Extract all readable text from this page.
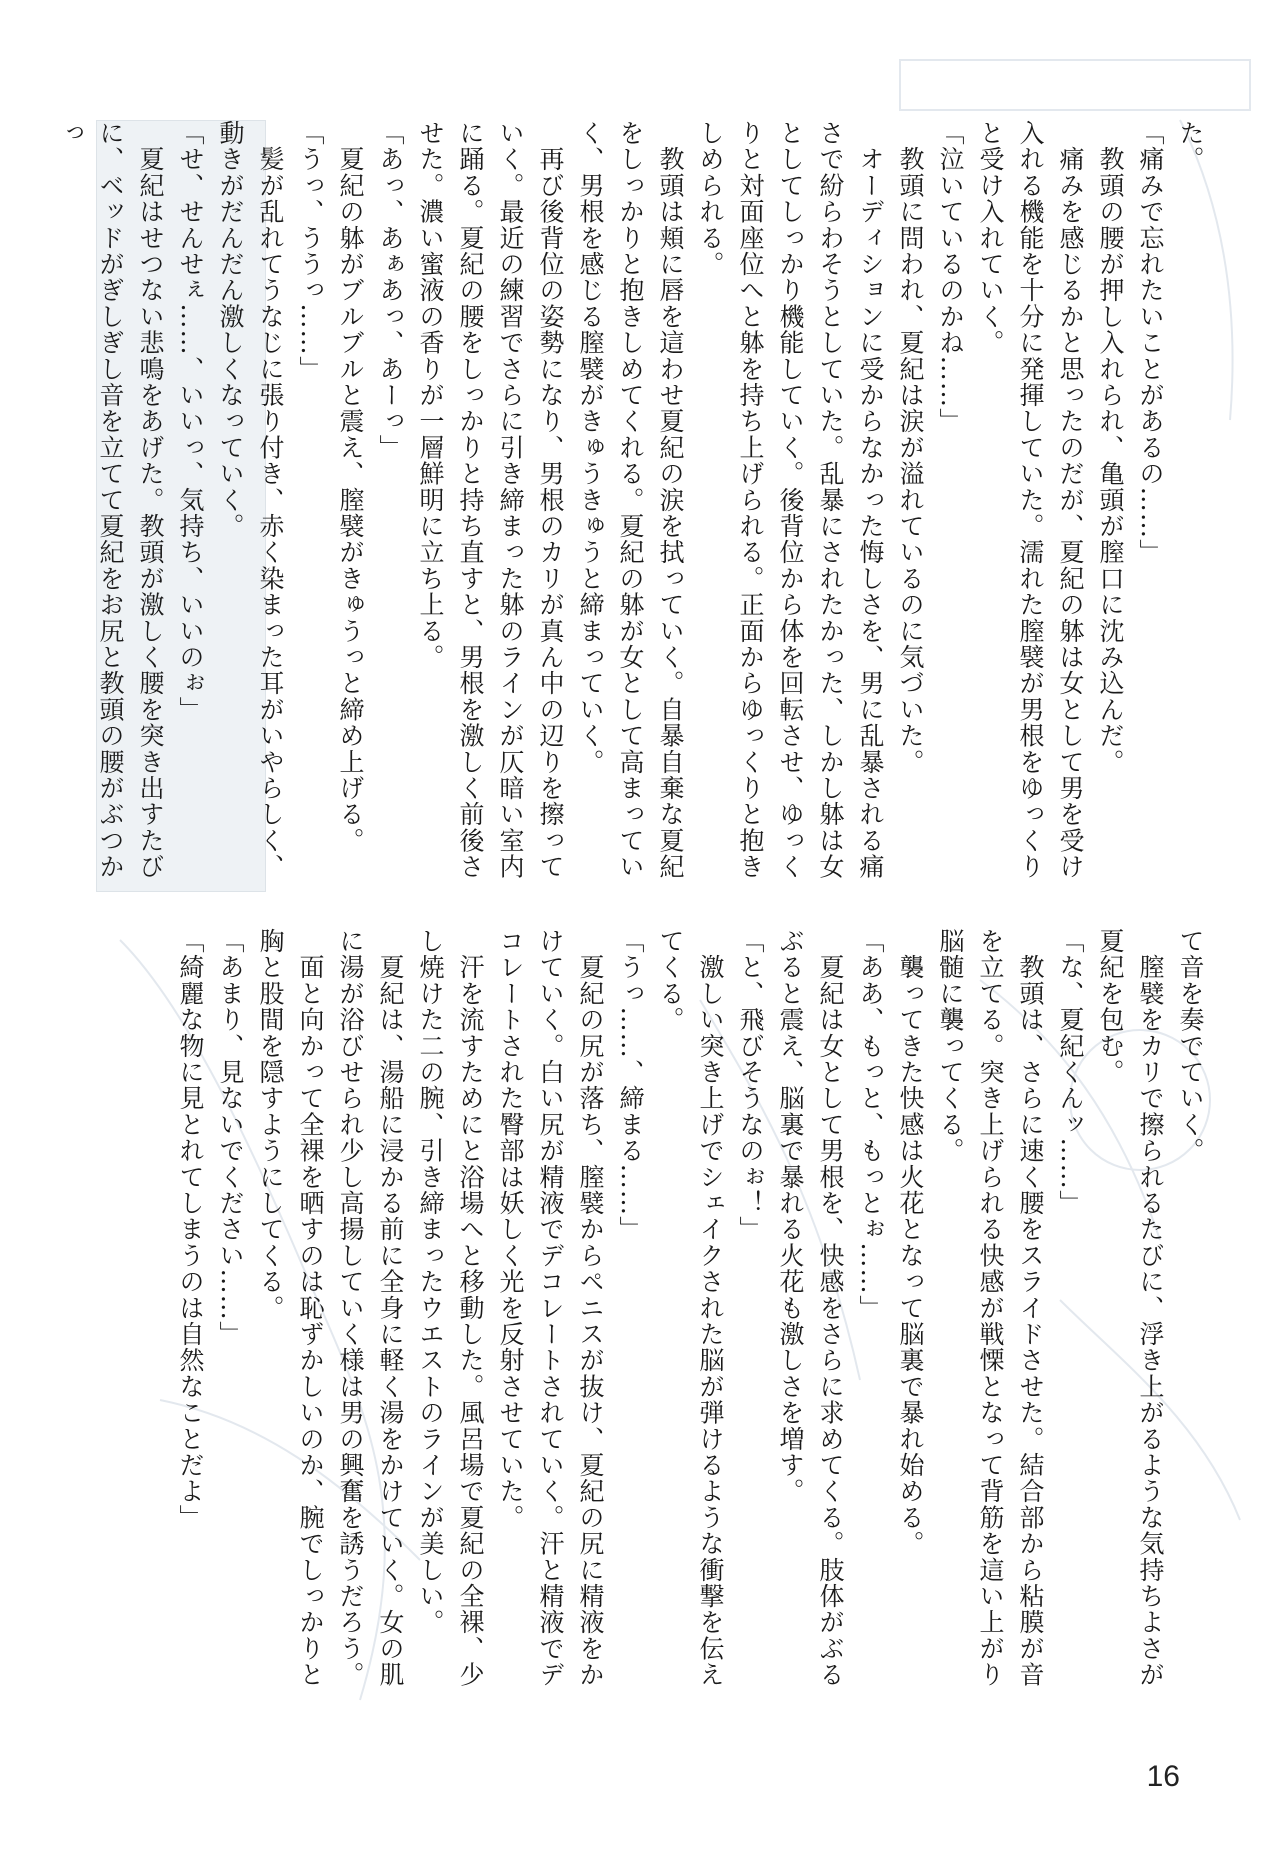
た。

「痛みで忘れたいことがあるの……」

　教頭の腰が押し入れられ、亀頭が膣口に沈み込んだ。

　痛みを感じるかと思ったのだが、夏紀の躰は女として男を受け入れる機能を十分に発揮していた。濡れた膣襞が男根をゆっくりと受け入れていく。

「泣いているのかね……」

　教頭に問われ、夏紀は涙が溢れているのに気づいた。

　オーディションに受からなかった悔しさを、男に乱暴される痛さで紛らわそうとしていた。乱暴にされたかった、しかし躰は女としてしっかり機能していく。後背位から体を回転させ、ゆっくりと対面座位へと躰を持ち上げられる。正面からゆっくりと抱きしめられる。

　教頭は頬に唇を這わせ夏紀の涙を拭っていく。自暴自棄な夏紀をしっかりと抱きしめてくれる。夏紀の躰が女として高まっていく、男根を感じる膣襞がきゅうきゅうと締まっていく。

　再び後背位の姿勢になり、男根のカリが真ん中の辺りを擦っていく。最近の練習でさらに引き締まった躰のラインが仄暗い室内に踊る。夏紀の腰をしっかりと持ち直すと、男根を激しく前後させた。濃い蜜液の香りが一層鮮明に立ち上る。

「あっ、あぁあっ、あーっ」

　夏紀の躰がブルブルと震え、膣襞がきゅうっと締め上げる。

「うっ、ううっ……」

　髪が乱れてうなじに張り付き、赤く染まった耳がいやらしく、動きがだんだん激しくなっていく。

「せ、せんせぇ……、いいっ、気持ち、いいのぉ」

　夏紀はせつない悲鳴をあげた。教頭が激しく腰を突き出すたびに、ベッドがぎしぎし音を立てて夏紀をお尻と教頭の腰がぶつかっ

て音を奏でていく。

　膣襞をカリで擦られるたびに、浮き上がるような気持ちよさが夏紀を包む。

「な、夏紀くんッ……」

　教頭は、さらに速く腰をスライドさせた。結合部から粘膜が音を立てる。突き上げられる快感が戦慄となって背筋を這い上がり脳髄に襲ってくる。

　襲ってきた快感は火花となって脳裏で暴れ始める。

「ああ、もっと、もっとぉ……」

　夏紀は女として男根を、快感をさらに求めてくる。肢体がぶるぶると震え、脳裏で暴れる火花も激しさを増す。

「と、飛びそうなのぉ！」

　激しい突き上げでシェイクされた脳が弾けるような衝撃を伝えてくる。

「うっ……、締まる……」

　夏紀の尻が落ち、膣襞からペニスが抜け、夏紀の尻に精液をかけていく。白い尻が精液でデコレートされていく。汗と精液でデコレートされた臀部は妖しく光を反射させていた。

　汗を流すためにと浴場へと移動した。風呂場で夏紀の全裸、少し焼けた二の腕、引き締まったウエストのラインが美しい。

　夏紀は、湯船に浸かる前に全身に軽く湯をかけていく。女の肌に湯が浴びせられ少し高揚していく様は男の興奮を誘うだろう。

　面と向かって全裸を晒すのは恥ずかしいのか、腕でしっかりと胸と股間を隠すようにしてくる。

「あまり、見ないでください……」

「綺麗な物に見とれてしまうのは自然なことだよ」

16
